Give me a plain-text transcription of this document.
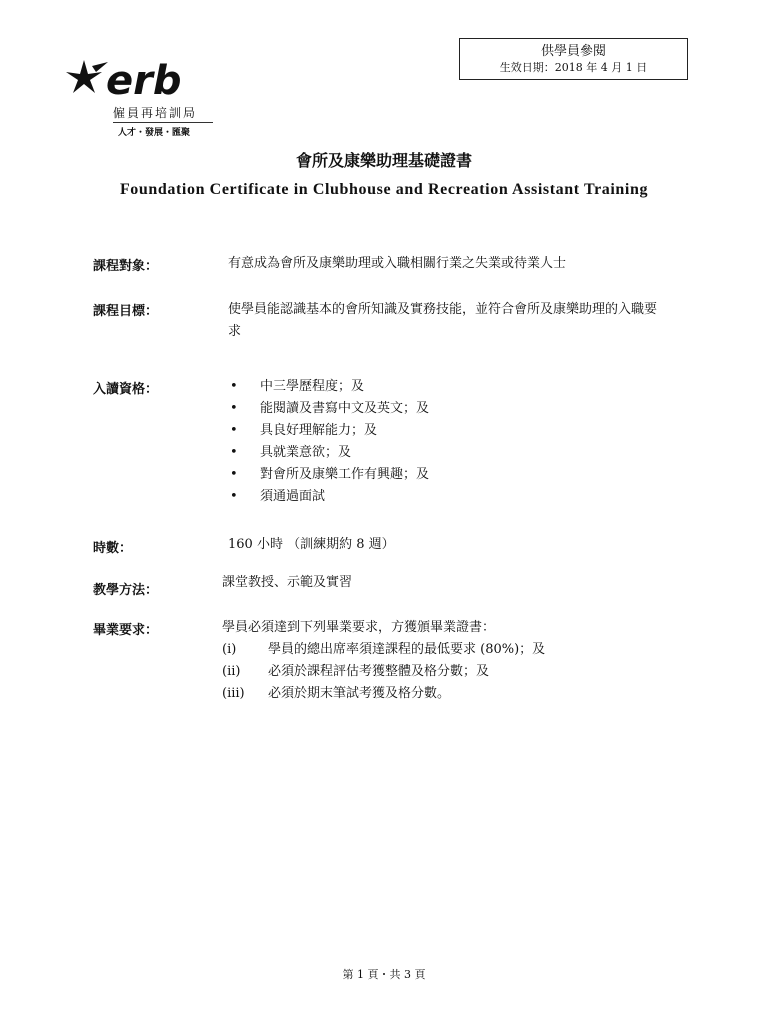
供學員參閱
生效日期：2018 年 4 月 1 日
erb
僱員再培訓局
人才・發展・匯聚
會所及康樂助理基礎證書
Foundation Certificate in Clubhouse and Recreation Assistant Training
課程對象：	有意成為會所及康樂助理或入職相關行業之失業或待業人士
課程目標：	使學員能認識基本的會所知識及實務技能，並符合會所及康樂助理的入職要求
入讀資格：	• 中三學歷程度；及
• 能閱讀及書寫中文及英文；及
• 具良好理解能力；及
• 具就業意欲；及
• 對會所及康樂工作有興趣；及
• 須通過面試
時數：	160 小時 （訓練期約 8 週）
教學方法：
課堂教授、示範及實習
畢業要求：	學員必須達到下列畢業要求，方獲頒畢業證書：
(i) 學員的總出席率須達課程的最低要求 (80%)；及
(ii) 必須於課程評估考獲整體及格分數；及
(iii) 必須於期末筆試考獲及格分數。
第 1 頁・共 3 頁
